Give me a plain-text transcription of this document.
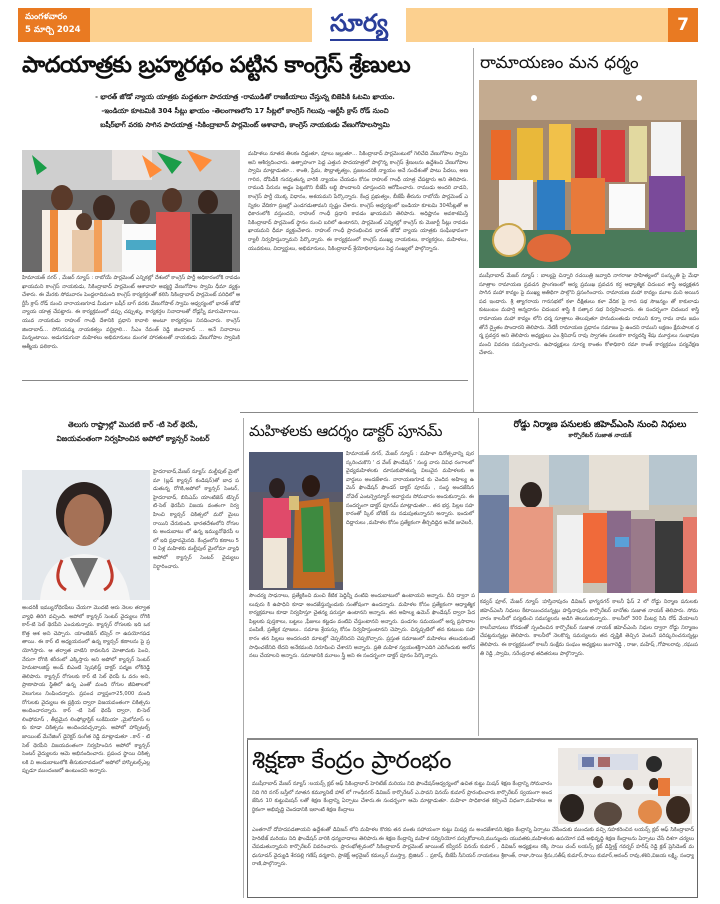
మంగళవారం
5 మార్చి 2024	సూర్య	7
పాదయాత్రకు బ్రహ్మరథం పట్టిన కాంగ్రెస్ శ్రేణులు
- భారత్ జోడో న్యాయ యాత్రకు మద్దతుగా పాదయాత్ర -రాముడితో రాజకీయాలు చేస్తున్న బిజెపికి ఓటమి ఖాయం.
-ఇండియా కూటమికి 304 సీట్లు ఖాయం -తెలంగాణలోని 17 సీట్లలో కాంగ్రెస్ గెలుపు -ఆర్టీసీ క్రాస్ రోడ్ నుంచి
బషీర్‌భాగ్ వరకు సాగిన పాదయాత్ర -సికింద్రాబాద్ పార్లమెంట్ ఆశావాది, కాంగ్రెస్ నాయకుడు వేణుగోపాలస్వామి
హిమాయత్ నగర్ , మేజర్ న్యూస్ : రాబోయే పార్లమెంట్ ఎన్నికల్లో దేశంలో కాంగ్రెస్ పార్టీ అధికారంలోకి రావడం ఖాయమని కాంగ్రెస్ నాయకుడు, సికింద్రాబాద్ పార్లమెంట్ ఆశావాహ అభ్యర్థి వేణుగోపాల స్వామి ధీమా వ్యక్తం చేశారు. ఈ మేరకు సోమవారం పెంద్దలాదిమంది కాంగ్రెస్ కార్యకర్తలతో కలిసి సికింద్రాబాద్ పార్లమెంట్ పరిధిలో ఆర్టీసీ క్రాస్ రోడ్ నుంచి నారాయణగూడ మీదుగా బషీర్ బాగ్ వరకు వేణుగోపాల్ స్వామి ఆధ్వర్యంలో భారత్ జోడో న్యాయ యాత్ర చేపట్టారు. ఈ కార్యక్రమంలో డప్పు చప్పుళ్ళు, కార్యకర్తల నినాదాలతో రోడ్లన్నీ మారుమోగాయి. యువ నాయకుడు రాహుల్ గాంధీ దేశానికి ప్రధాని కావాలి అంటూ కార్యకర్తలు నినదించారు. కాంగ్రెస్ జిందాబాద్... సోనియమ్మ నాయకత్వం వర్ధిల్లాలి... సీఎం రేవంత్ రెడ్డి జిందాబాద్ ... అనే నినాదాలు మిన్నంటాయి. అడుగడుగునా మహిళలు అభిమానులు మంగళ హారతులతో నాయకుడు వేణుగోపాల స్వామికి ఆత్మీయ పలికారు.
మహిళలు నూతన తిలకం దిద్దుతూ, పూలు జల్లుతూ... సికింద్రాబాద్ పార్లమెంటులో గెలిచేది వేణుగోపాల స్వామి అని ఆశీర్వదించారు. ఉత్సాహంగా పెద్ద ఎత్తున పాదయాత్రలో పాల్గొన్న కాంగ్రెస్ శ్రేణులను ఉద్దేశించి వేణుగోపాల స్వామి మాట్లాడుతూ... శాంతి, ప్రేమ, సౌభ్రాతృత్వం, ప్రజలందరికీ న్యాయం అనే సందేశంతో పాటు పేదలు, అణగారిన, దోపిడీకి గురవుతున్న వారికి న్యాయం చేయడం కోసం రాహుల్ గాంధీ యాత్ర చేపట్టారు అని తెలిపారు. రాముడి పేరును అడ్డం పెట్టుకొని బీజేపీ లబ్ధి పొందాలని చూస్తుందని ఆరోపించారు. రాముడు అందరి వాడని, కాంగ్రెస్ పార్టీ యొక్క విధానం, ఆశయమని పేర్కొన్నారు. కేంద్ర ప్రభుత్వం, బీజేపీ తీరును రాబోయే పార్లమెంట్ ఎన్నికల వేదికగా ప్రజల్లో ఎండగడుతామని స్పష్టం చేశారు. కాంగ్రెస్ ఆధ్వర్యంలో ఇండియా కూటమి 304సీట్లతో అధికారంలోకి వస్తుందని, రాహుల్ గాంధీ ప్రధాని కావడం ఖాయమని తెలిపారు. అధిష్టానం అవకాశమిస్తే సికింద్రాబాద్ పార్లమెంట్ స్థానం నుంచి బరిలో ఉంటానని, పార్లమెంట్ ఎన్నికల్లో కాంగ్రెస్ కు మెజార్టీ సీట్లు రావడం ఖాయమని ధీమా వ్యక్తంచేశారు. రాహుల్ గాంధీ ప్రారంభించిన భారత్ జోడో న్యాయ యాత్రకు సంఘీభావంగా ర్యాలీ నిర్వహిస్తున్నామని పేర్కొన్నారు. ఈ కార్యక్రమంలో కాంగ్రెస్ ముఖ్య నాయకులు, కార్యకర్తలు, మహిళలు, యువకులు, విద్యార్థులు, అభిమానులు, సికింద్రాబాద్ శ్రేయోభిలాషులు పెద్ద సంఖ్యలో పాల్గొన్నారు.
రామాయణం మన ధర్మం
ముషీరాబాద్ మేజర్ న్యూస్ : బాల్యపై చిన్నారి రచయిత్రి జవ్వాది నాగరాజు సాహిత్యంలో సంస్కృతి పై మేధా సూత్రాల రామాయణ ప్రవచన ప్రాంగణంలో ఆర్య ప్రముఖ ప్రవచన కర్త ఆధ్యాత్మిక చిదంబర శాస్త్రి అధ్యక్షతన సాగిన మహా కావ్యం పై ముఖ్య అతిథిగా పాల్గొని ప్రసంగించారు. రామాయణ మహా కావ్యం మూల మని అయిన పద ఇందారు. శ్రీ త్యాగరాయ గానసభలో కళా దీక్షితులు కళా వేదిక పై గాన సభ సౌజన్యం తో కాకులాడు కుటుంబం మహర్షి అన్నదానం చిదంబర శాస్త్రి కి సత్కార సభ నిర్వహించారు. ఈ సందర్భంగా చిదంబర శాస్త్రి రామాయణ మహా కావ్యం లోని ధర్మ సూత్రాలు తెలుపుతూ హనుమంతుడు రాముని కన్నా రామ నామ జపం తోనే ద్వైతం పొందారని తెలిపారు. నేటికీ రామాయణ ప్రధానం సమాజం పై ఉందని రాముని లక్షణం క్షేమపాలక ధర్మ ప్రవర్తన అని తెలిపారు అధ్యక్షులు ఎం.శ్రీనివాస్ రావు స్వాగతం పలుకగా కార్యదర్శి శేషు మూర్తులు సంభాషణ మంచి వివరణ సమర్పించారు. ఉపాధ్యక్షులు సూర్య కాంతం కోశాధికారి రమా కాంత్ కార్యక్రమం పర్యవేక్షణ చేశారు.
తెలుగు రాష్ట్రాల్లో మొదటి కార్ -టి సెల్ థెరపీ,
విజయవంతంగా నిర్వహించిన అపోలో క్యాన్సర్ సెంటర్
హైదరాబాద్,మేజర్ న్యూస్: మల్టీపుల్ మైలో మా (బ్లడ్ క్యాన్సర్ కండిషన్)తో బాధ పడుతున్న రోగికి,అపోలో క్యాన్సర్ సెంటర్, హైదరాబాద్, బిసిఎమ్ యాంటిజెన్ టిస్సెర్ టి-సెల్ థెరపీని విజయ వంతంగా నిర్వహించి క్యాన్సర్ చికిత్సలో మరో మైలు రాయిని చేరుకుంది. భారతదేశంలోని రోగులకు అందుబాటు లో ఉన్న ఇమ్యునోథెరపీ లలో ఇది ప్రధానమైనది. కేంద్రంలోని కణాలు 50 ఏళ్ల మహిళకు మల్టీపుల్ మైలోమా వ్యాధి అపోలో క్యాన్సర్ సెంటర్ వైద్యులు నిర్ధారించారు.
అందరికీ ఇమ్యునోథెరపీలు చేయగా మొదటి ఆరు నెలల తర్వాత వ్యాధి తిరిగి వచ్చింది. అపోలో క్యాన్సర్ సెంటర్ వైద్యులు రోగికి కార్-టి సెల్ థెరపీని ఎంచుకున్నారు. క్యాన్సర్ రోగులకు ఇది ఒక కొత్త ఆశ అని చెప్పారు. యాంటిజెన్ టిస్సెర్ గా ఉపయోగపడతాయి. ఈ కార్ టి అధ్యయనంలో ఉన్న క్యాన్సర్ కణాలను పై ప్రయోగిస్తారు. ఆ తర్వాత వాటిని కావలసిన మోతాదుకు పెంచి, నేరుగా రోగికి శరీరంలో ఎక్కిస్తారు అని అపోలో క్యాన్సర్ సెంటర్ హెమటాలజిస్ట్ అండ్ బిఎంటి స్పెషలిస్ట్ డాక్టర్ పద్మజ లోకిరెడ్డి తెలిపారు. క్యాన్సర్ రోగులకు కార్ టి సెల్ థెరపీ ఓ వరం అని, ప్రాణాపాయ స్థితిలో ఉన్న ఎంతో మంది రోగుల జీవితాలలో వెలుగులు నింపిందన్నారు. ప్రపంచ వ్యాప్తంగా25,000 మంది రోగులకు వైద్యులు ఈ ప్రక్రియ ద్వారా విజయవంతంగా చికిత్సను అందించారన్నారు. కార్ -టి సెల్ థెరపీ ద్వారా, బి-సెల్ లింఫోమాస్ , తీవ్రమైన లింఫోబ్లాస్టిక్ లుకేమియా ,మైలోమాస్ ల కు కూడా చికిత్సను అందించవచ్చన్నారు. అపోలో హాస్పిటల్స్ జాయింట్ మేనేజింగ్ డైరెక్టర్ సంగీత రెడ్డి మాట్లాడుతూ ..కార్ - టి సెల్ థెరపీని విజయవంతంగా నిర్వహించిన అపోలో క్యాన్సర్ సెంటర్ వైద్యులను ఆమె అభినందించారు. ప్రపంచ స్థాయి చికిత్సలకి వి అందుబాటులోకి తీసుకురావడంలో అపోలో హాస్పిటల్స్ఎల్లప్పుడూ ముందంజలో ఉంటుందని అన్నారు.
మహిళలకు ఆదర్శం డాక్టర్ పూనమ్
హిమాయత్ నగర్, మేజర్ న్యూస్ : మహిళా దినోత్సవాన్ని పురస్కరించుకొని ' ద వేంక్ ఫౌండేషన్ ' సంస్థ వారు వివిధ రంగాలలో వైద్యమహిళలకు దూసుకుపోతున్న విలువైన మహిళలకు అవార్డులు అందజేశారు. నారాయణగూడ కు చెందిన అహిల్య ఉమెన్ ఫౌండేషన్ ఫౌండర్ డాక్టర్ పూనమ్ , సంస్థ అందజేసిన నోవెల్ ఎంటర్ప్రెన్యూర్ అవార్డును సోమవారం అందుకున్నారు. ఈ సందర్భంగా డాక్టర్ పూనమ్ మాట్లాడుతూ... తన భర్త, పిల్లల సహకారంతో స్కిల్ బోటిక్ ను నడుపుతున్నానని అన్నారు. ఇందులో దిద్దారులు ,మహిళల కోసం ప్రత్యేకంగా తీర్చిదిద్దిన అనేక జువెలరీ,
సౌందర్య సాధనాలు, ప్రత్యేకించి మంచి కేటిక పెద్దిన్నీ వంటివి అందుబాటులో ఉంటాయని అన్నారు. దీని ద్వారా పలువురు కి ఉపాధిని కూడా అందజేస్తున్నందుకు సంతోషంగా ఉందన్నారు. మహిళల కోసం ప్రత్యేకంగా ఆధ్యాత్మిక కార్యక్రమాలు కూడా నిర్వహిస్తూ చైతన్య పరుస్తూ ఉంటానని అన్నారు. తన అహిల్య ఉమెన్ ఫౌండేషన్ ద్వారా పేద పిల్లలకు పుస్తకాలు, బట్టలు ,ఫీజులు కట్టడం వంటివి చేస్తుంటానని అన్నారు. పండగల సమయంలో అన్న ప్రసాదాల పంపిణీ, ప్రత్యేక పూజలు.. సమాజ శ్రేయస్సు కోసం నిర్వహిస్తుంటానని చెప్పారు. చిన్నప్పటిలో తన కుటుంబ సహకారం తన పిల్లలు అందరందరి మాటల్లో చెప్పలేనిదని చెప్పకొచ్చారు. ప్రస్తుత సమాజంలో మహిళలు తలుచుకుంటే సాధించలేనిది లేదని అనేకమంది నిరూపించి చేశారని అన్నారు. ప్రతి మహిళ స్వయంశక్తిగాఎదిగి ఎదిగేందుకు అలోచనలు చేయాలని అన్నారు. సమాజానికి మూలం స్త్రీ అని ఈ సందర్భంగా డాక్టర్ పూనం పేర్కొన్నారు.
రోడ్డు నిర్మాణ పనులకు జిహెచ్ఎంసి నుంచి నిధులు
కార్పొరేటర్ సుజాత నాయక్
కవ్వన్ ఫూల్, మేజర్ న్యూస్ :హస్తినాపురం డివిజన్ భాగ్యనగర్ కాలనీ ఫేస్ 2 లో రోడ్డు నిర్మాణ పనులకు జిహెచ్ఎంసి నిధులు కేటాయించనున్నట్లు హస్తినాపురం కార్పొరేటర్ బానోతు సుజాత నాయక్ తెలిపారు. సోమవారం కాలనీలో పర్యటించి సమస్యలను అడిగి తెలుసుకున్నారు.. కాలనీలో 300 మీటర్ల సిసి రోడ్ వేయాలని కాలనీవాసులు కోరడంతో స్పందించిన కార్పొరేటర్ సుజాత నాయక్ జిహెచ్ఎంసి నిధుల ద్వారా రోడ్డు నిర్మాణం చేపట్టనున్నట్లు తెలిపారు. కాలనీలో నెలకొన్న సమస్యలను తన దృష్టికి తెచ్చిన వెంటనే పరిష్కరించనున్నట్లు తెలిపారు. ఈ కార్యక్రమంలో కాలనీ సంక్షేమ సంఘం అధ్యక్షులు జంగారెడ్డి , రాజు, మహేష్ ,గోపాలరావు ,రఘుపతి రెడ్డి ,స్వామి, సరేంద్రనాథ తదితరులు పాల్గొన్నారు.
శిక్షణా కేంద్రం ప్రారంభం
ముషీరాబాద్ మేజర్ న్యూస్ :లయన్స్ క్లబ్ ఆఫ్ సికింద్రాబాద్ హెరిటేజ్ మరియు నిది ఫౌండేషన్ఆధ్వర్యంలో ఉచిత కుట్టు మిషన్ శిక్షణ కేంద్రాన్ని సోమవారం నిది గిరి నగర్ బస్తీలో నూతన కమ్యూనిటీ హాల్ లో గాంధీనగర్ డివిజన్ కార్పొరేటర్ ఎ.పావని వినయ్ కుమార్ ప్రారంభించారు.కార్పొరేటర్ స్వయంగా అందజేసిన 10 కుట్టుమిషన్ లతో శిక్షణ కేంద్రాన్ని ఏర్పాటు చేశారు.ఈ సందర్భంగా ఆమె మాట్లాడుతూ. మహిళా సాధికారత కల్పించే విధంగా,మహిళలు ఆర్థికంగా అభివృద్ధి చెందడానికి ఇలాంటి శిక్షణ కేంద్రాలు
ఎంతగానో దోహదపడతాయని ఉద్దేశంతో డివిజన్ లోని మహిళల కొరకు తన వంతు సహాయంగా కుట్టు మిషన్ల ను అందజేశానని,శిక్షణ కేంద్రాన్ని ఏర్పాటు చేసేందుకు ముందుకు వచ్చి సహకరించిన లయన్స్ క్లబ్ ఆఫ్ సికింద్రాబాద్ హెరిటేజ్ మరియు నిది ఫౌండేషన్ వారికి ధన్యవాదాలు తెలిపారు.ఈ శిక్షణ కేంద్రాన్ని మహిళ సద్వినియోగ పర్చుకోవాలని,మున్ముందు యువతకు,మహిళలకు ఉపయోగ పడే అభివృద్ధి శిక్షణ కేంద్రాలను ఏర్పాటు చేసే దిశగా చర్యలు చేపడుతున్నామని కార్పొరేటర్ వివరించారు. ప్రారంభోత్సవంలో సికింద్రాబాద్ పార్లమెంట్ జాయింట్ కన్వీనర్ వినయ్ కుమార్ , డివిజన్ అధ్యక్షులు ఠక్కి సాయి చంద్ లయన్స్ క్లబ్ డిస్ట్రిక్ట్ గవర్నర్ హరీష్ రెడ్డి క్లబ్ ప్రెసిడెంట్ మధుసూదన్ వైద్యుడి శేరపల్లి గణేష్ వర్మకాని, ప్రాజెక్ట్ ఆర్గనైజర్ కమల్కర్ ముస్త్వా, బ్రిజిటర్ .. ప్రకాష్, బీజేపీ సీనియర్ నాయకులు శ్రీకాంత్, రాజా,సాయి శ్రీను,సతీష్ కుమార్,సాయి కుమార్,ఆనంద్ రావు,శశిని,విజయ లక్ష్మి, సంధ్యా రాణి,పాల్గొన్నారు.
